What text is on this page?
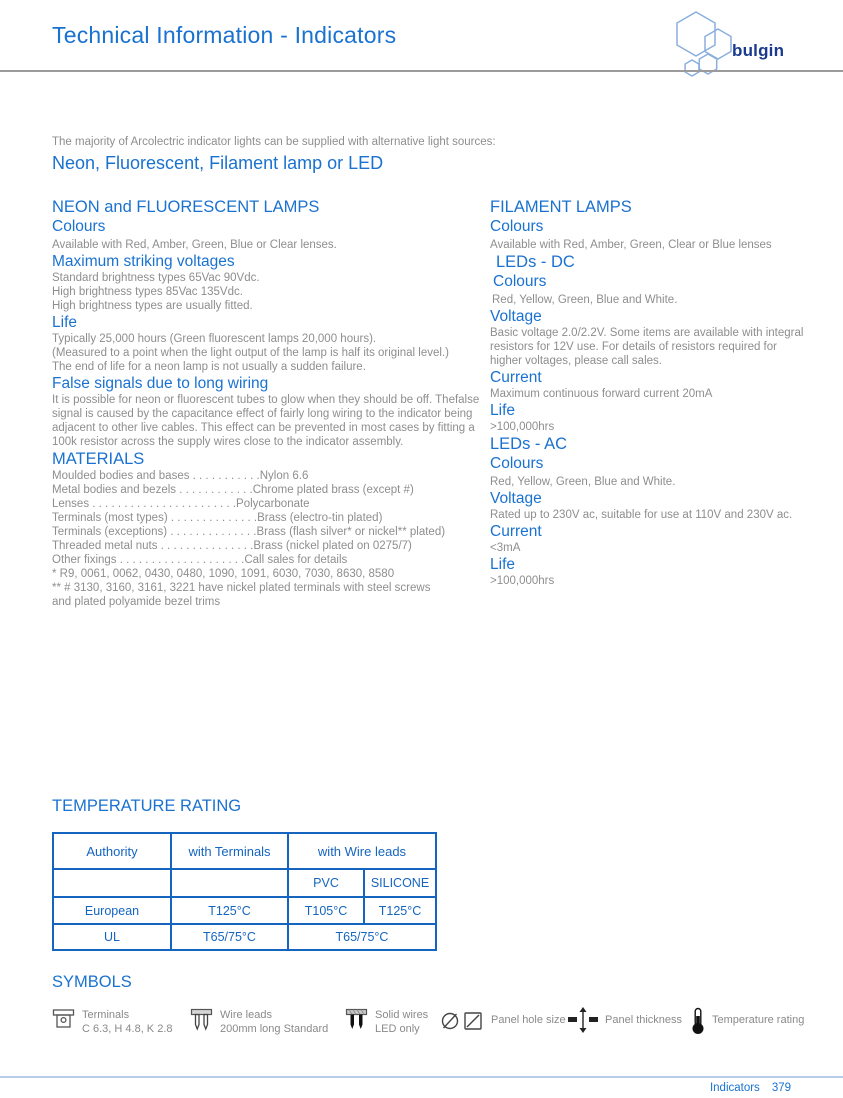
Technical Information - Indicators
bulgin
The majority of Arcolectric indicator lights can be supplied with alternative light sources:
Neon, Fluorescent, Filament lamp or LED
NEON and FLUORESCENT LAMPS
Colours

Available with Red, Amber, Green, Blue or Clear lenses.

Maximum striking voltages

Standard brightness types 65Vac 90Vdc.

High brightness types 85Vac 135Vdc.

High brightness types are usually fitted.

Life

Typically 25,000 hours (Green fluorescent lamps 20,000 hours).

(Measured to a point when the light output of the lamp is half its original level.)

The end of life for a neon lamp is not usually a sudden failure.

False signals due to long wiring

It is possible for neon or fluorescent tubes to glow when they should be off. Thefalse signal is caused by the capacitance effect of fairly long wiring to the indicator being adjacent to other live cables. This effect can be prevented in most cases by fitting a 100k resistor across the supply wires close to the indicator assembly.

MATERIALS

Moulded bodies and bases . . . . . . . . . . .Nylon 6.6

Metal bodies and bezels . . . . . . . . . . . .Chrome plated brass (except #)

Lenses . . . . . . . . . . . . . . . . . . . . . . .Polycarbonate

Terminals (most types) . . . . . . . . . . . . . .Brass (electro-tin plated)

Terminals (exceptions) . . . . . . . . . . . . . .Brass (flash silver* or nickel** plated)

Threaded metal nuts . . . . . . . . . . . . . . .Brass (nickel plated on 0275/7)

Other fixings . . . . . . . . . . . . . . . . . . . .Call sales for details

* R9, 0061, 0062, 0430, 0480, 1090, 1091, 6030, 7030, 8630, 8580

** # 3130, 3160, 3161, 3221 have nickel plated terminals with steel screws

and plated polyamide bezel trims

FILAMENT LAMPS
Colours

Available with Red, Amber, Green, Clear or Blue lenses

LEDs - DC
Colours

Red, Yellow, Green, Blue and White.

Voltage

Basic voltage 2.0/2.2V. Some items are available with integral resistors for 12V use. For details of resistors required for higher voltages, please call sales.

Current

Maximum continuous forward current 20mA

Life

>100,000hrs

LEDs - AC
Colours

Red, Yellow, Green, Blue and White.

Voltage

Rated up to 230V ac, suitable for use at 110V and 230V ac.

Current

<3mA

Life

>100,000hrs

TEMPERATURE RATING
Authority	with Terminals	with Wire leads	
		PVC	SILICONE
European	T125°C	T105°C	T125°C
UL	T65/75°C	T65/75°C	
SYMBOLS
Terminals
C 6.3, H 4.8, K 2.8
Wire leads
200mm long Standard
Solid wires
LED only
Panel hole size	Panel thickness	Temperature rating
Indicators 379
